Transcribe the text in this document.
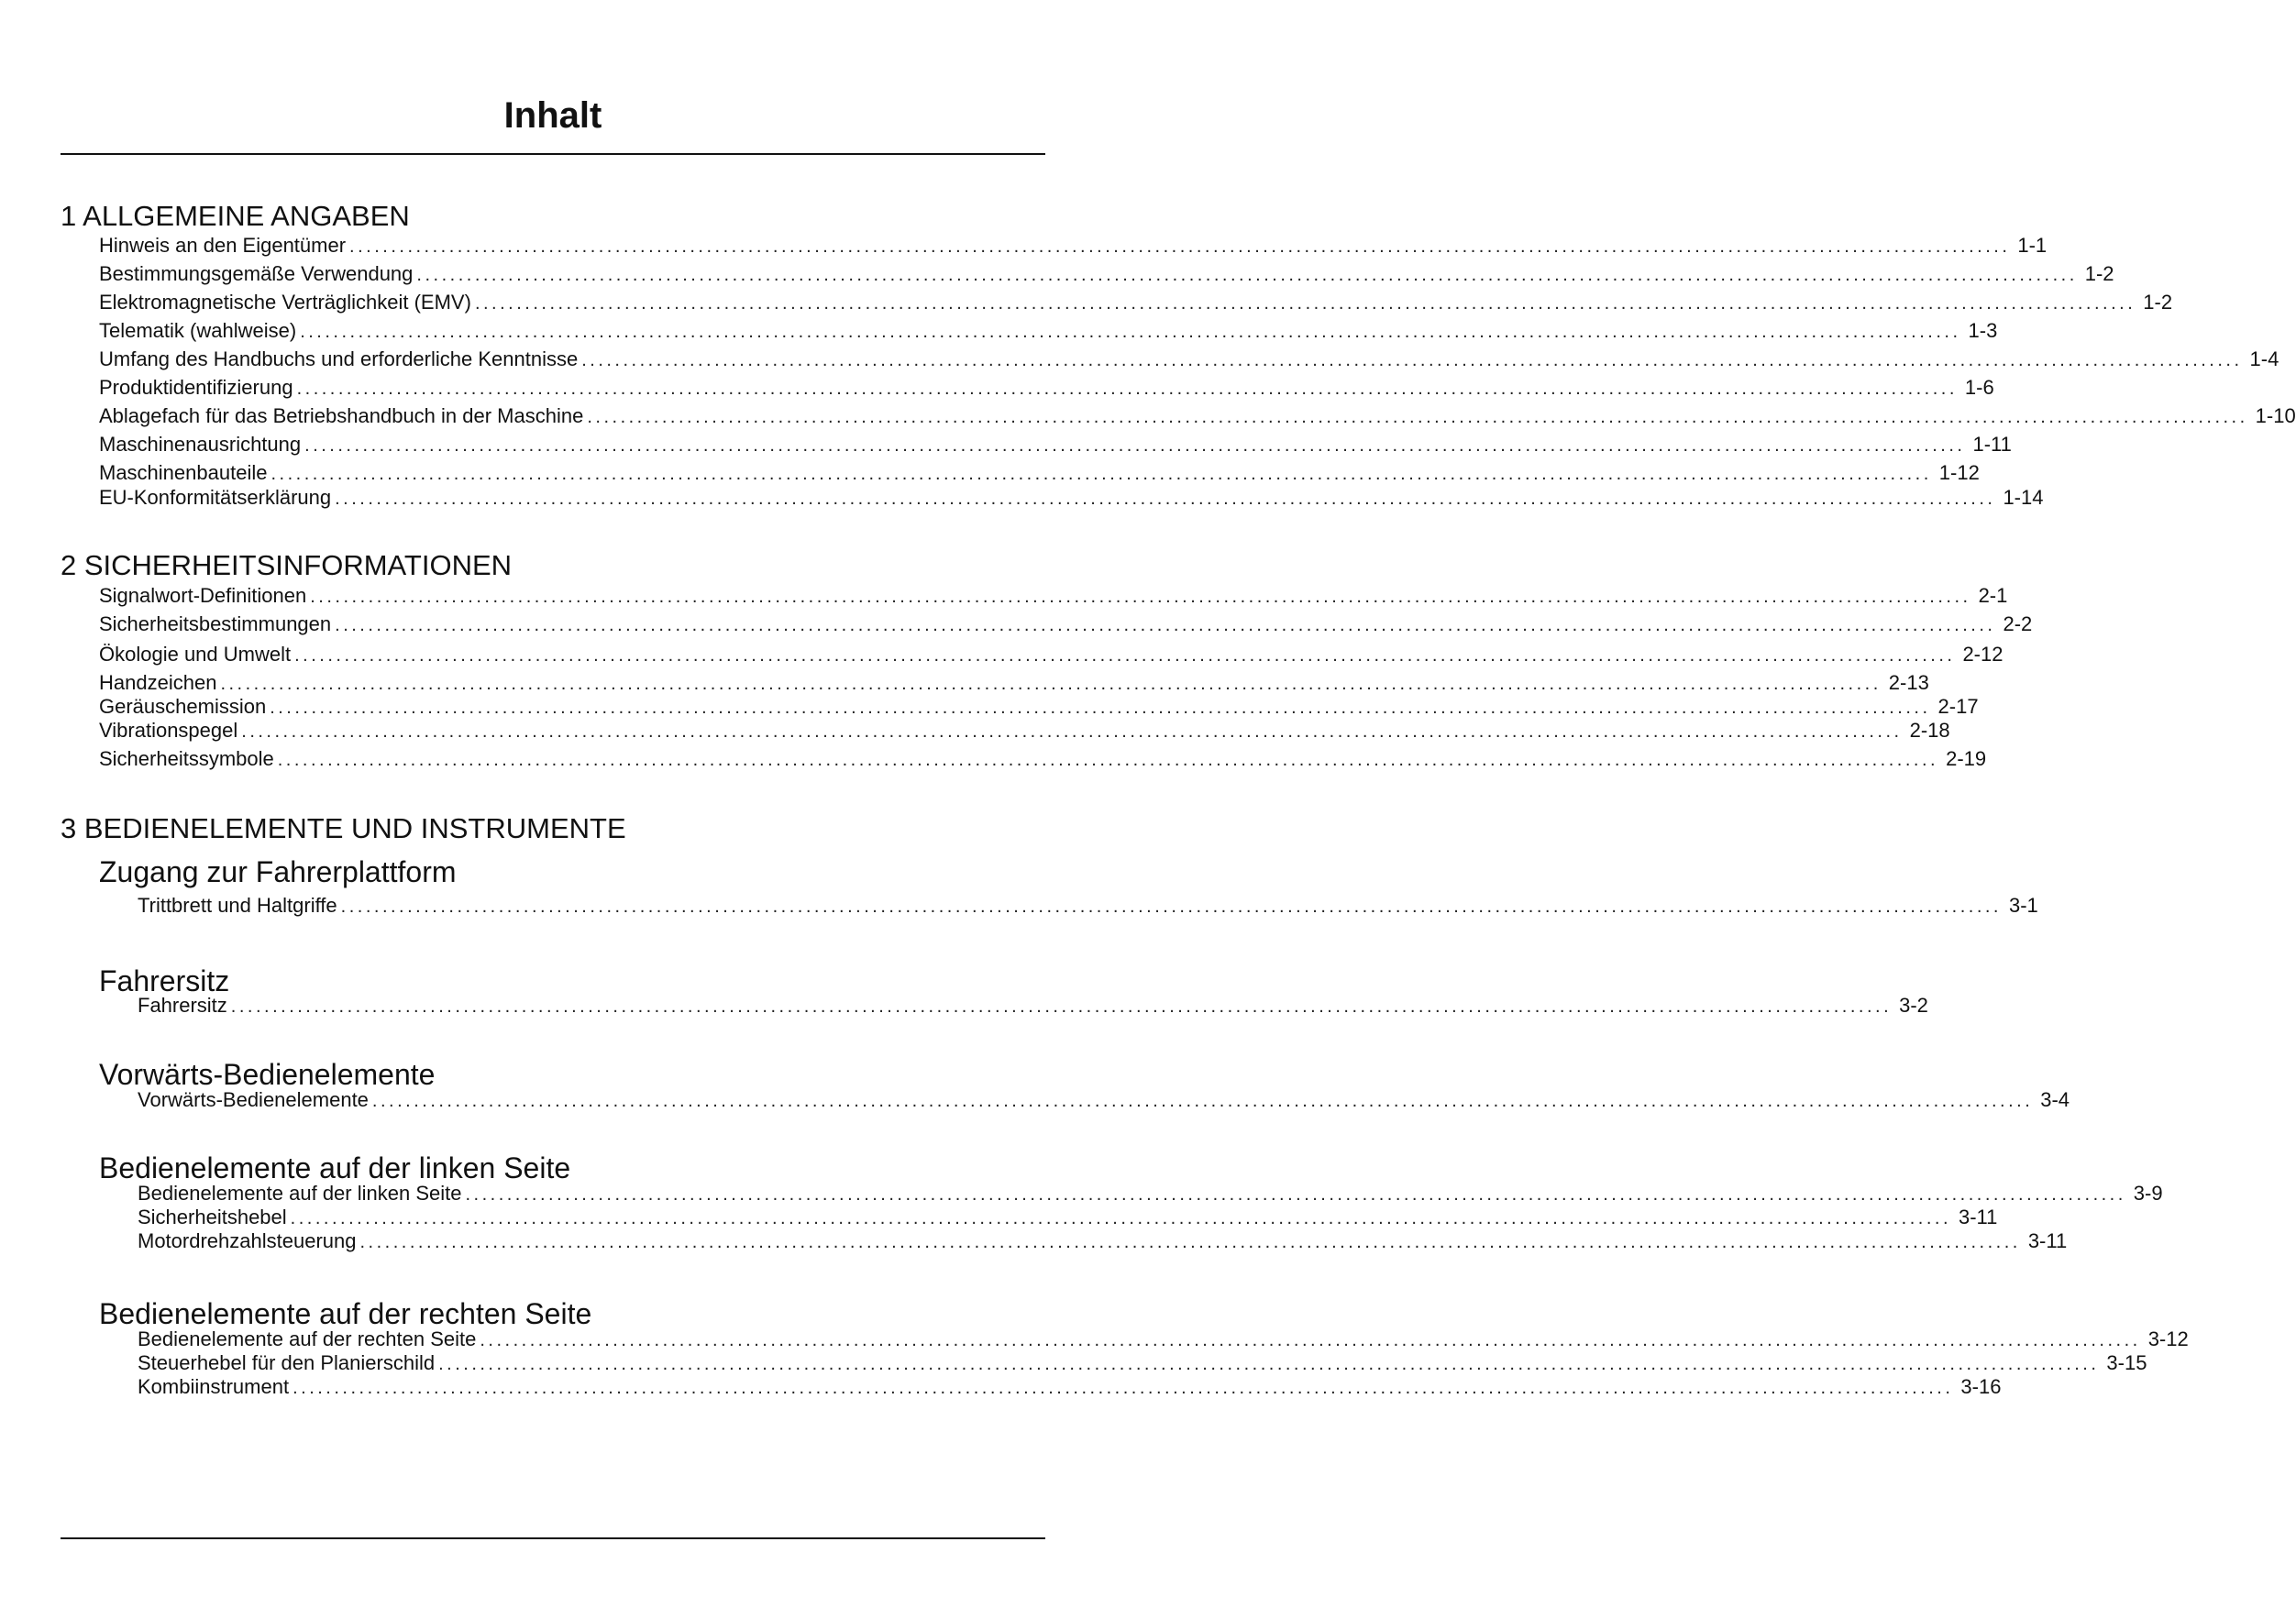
Inhalt
1 ALLGEMEINE ANGABEN
Hinweis an den Eigentümer ........................................................................................................................................................................................................ 1-1
Bestimmungsgemäße Verwendung ........................................................................................................................................................................................................ 1-2
Elektromagnetische Verträglichkeit (EMV) ........................................................................................................................................................................................................ 1-2
Telematik (wahlweise) ........................................................................................................................................................................................................ 1-3
Umfang des Handbuchs und erforderliche Kenntnisse ........................................................................................................................................................................................................ 1-4
Produktidentifizierung ........................................................................................................................................................................................................ 1-6
Ablagefach für das Betriebshandbuch in der Maschine ........................................................................................................................................................................................................ 1-10
Maschinenausrichtung ........................................................................................................................................................................................................ 1-11
Maschinenbauteile ........................................................................................................................................................................................................ 1-12
EU-Konformitätserklärung ........................................................................................................................................................................................................ 1-14
2 SICHERHEITSINFORMATIONEN
Signalwort-Definitionen ........................................................................................................................................................................................................ 2-1
Sicherheitsbestimmungen ........................................................................................................................................................................................................ 2-2
Ökologie und Umwelt ........................................................................................................................................................................................................ 2-12
Handzeichen ........................................................................................................................................................................................................ 2-13
Geräuschemission ........................................................................................................................................................................................................ 2-17
Vibrationspegel ........................................................................................................................................................................................................ 2-18
Sicherheitssymbole ........................................................................................................................................................................................................ 2-19
3 BEDIENELEMENTE UND INSTRUMENTE
Zugang zur Fahrerplattform
Trittbrett und Haltgriffe ........................................................................................................................................................................................................ 3-1
Fahrersitz
Fahrersitz ........................................................................................................................................................................................................ 3-2
Vorwärts-Bedienelemente
Vorwärts-Bedienelemente ........................................................................................................................................................................................................ 3-4
Bedienelemente auf der linken Seite
Bedienelemente auf der linken Seite ........................................................................................................................................................................................................ 3-9
Sicherheitshebel ........................................................................................................................................................................................................ 3-11
Motordrehzahlsteuerung ........................................................................................................................................................................................................ 3-11
Bedienelemente auf der rechten Seite
Bedienelemente auf der rechten Seite ........................................................................................................................................................................................................ 3-12
Steuerhebel für den Planierschild ........................................................................................................................................................................................................ 3-15
Kombiinstrument ........................................................................................................................................................................................................ 3-16
